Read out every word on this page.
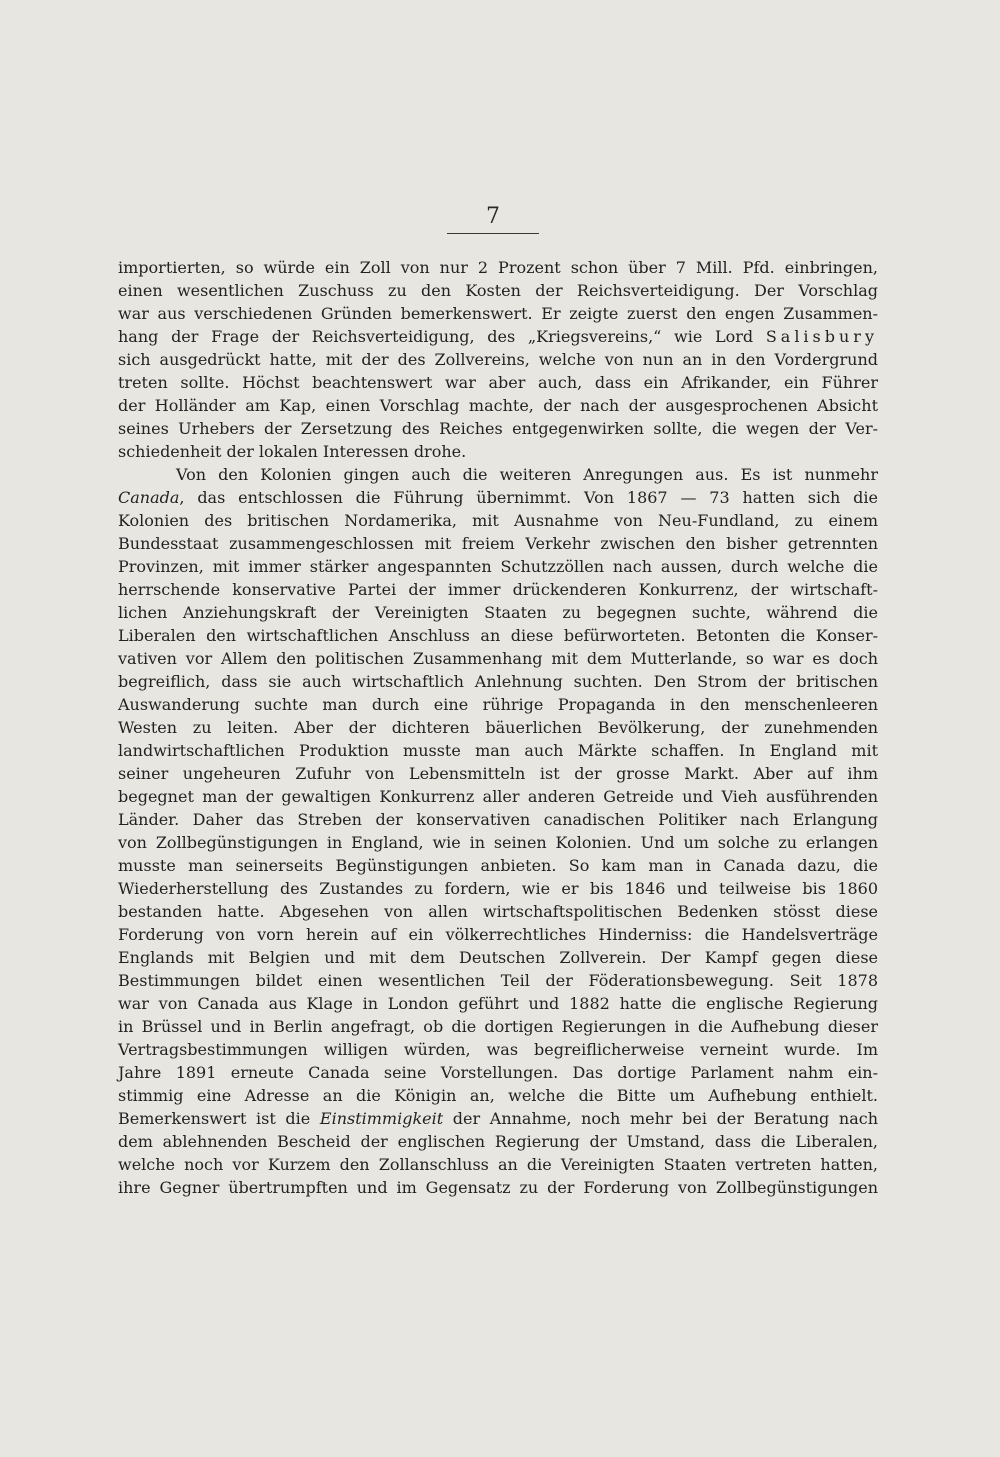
7
importierten, so würde ein Zoll von nur 2 Prozent schon über 7 Mill. Pfd. einbringen,
einen wesentlichen Zuschuss zu den Kosten der Reichsverteidigung. Der Vorschlag
war aus verschiedenen Gründen bemerkenswert. Er zeigte zuerst den engen Zusammen-
hang der Frage der Reichsverteidigung, des „Kriegsvereins,“ wie Lord Salisbury
sich ausgedrückt hatte, mit der des Zollvereins, welche von nun an in den Vordergrund
treten sollte. Höchst beachtenswert war aber auch, dass ein Afrikander, ein Führer
der Holländer am Kap, einen Vorschlag machte, der nach der ausgesprochenen Absicht
seines Urhebers der Zersetzung des Reiches entgegenwirken sollte, die wegen der Ver-
schiedenheit der lokalen Interessen drohe.
Von den Kolonien gingen auch die weiteren Anregungen aus. Es ist nunmehr
Canada, das entschlossen die Führung übernimmt. Von 1867 — 73 hatten sich die
Kolonien des britischen Nordamerika, mit Ausnahme von Neu-Fundland, zu einem
Bundesstaat zusammengeschlossen mit freiem Verkehr zwischen den bisher getrennten
Provinzen, mit immer stärker angespannten Schutzzöllen nach aussen, durch welche die
herrschende konservative Partei der immer drückenderen Konkurrenz, der wirtschaft-
lichen Anziehungskraft der Vereinigten Staaten zu begegnen suchte, während die
Liberalen den wirtschaftlichen Anschluss an diese befürworteten. Betonten die Konser-
vativen vor Allem den politischen Zusammenhang mit dem Mutterlande, so war es doch
begreiflich, dass sie auch wirtschaftlich Anlehnung suchten. Den Strom der britischen
Auswanderung suchte man durch eine rührige Propaganda in den menschenleeren
Westen zu leiten. Aber der dichteren bäuerlichen Bevölkerung, der zunehmenden
landwirtschaftlichen Produktion musste man auch Märkte schaffen. In England mit
seiner ungeheuren Zufuhr von Lebensmitteln ist der grosse Markt. Aber auf ihm
begegnet man der gewaltigen Konkurrenz aller anderen Getreide und Vieh ausführenden
Länder. Daher das Streben der konservativen canadischen Politiker nach Erlangung
von Zollbegünstigungen in England, wie in seinen Kolonien. Und um solche zu erlangen
musste man seinerseits Begünstigungen anbieten. So kam man in Canada dazu, die
Wiederherstellung des Zustandes zu fordern, wie er bis 1846 und teilweise bis 1860
bestanden hatte. Abgesehen von allen wirtschaftspolitischen Bedenken stösst diese
Forderung von vorn herein auf ein völkerrechtliches Hinderniss: die Handelsverträge
Englands mit Belgien und mit dem Deutschen Zollverein. Der Kampf gegen diese
Bestimmungen bildet einen wesentlichen Teil der Föderationsbewegung. Seit 1878
war von Canada aus Klage in London geführt und 1882 hatte die englische Regierung
in Brüssel und in Berlin angefragt, ob die dortigen Regierungen in die Aufhebung dieser
Vertragsbestimmungen willigen würden, was begreiflicherweise verneint wurde. Im
Jahre 1891 erneute Canada seine Vorstellungen. Das dortige Parlament nahm ein-
stimmig eine Adresse an die Königin an, welche die Bitte um Aufhebung enthielt.
Bemerkenswert ist die Einstimmigkeit der Annahme, noch mehr bei der Beratung nach
dem ablehnenden Bescheid der englischen Regierung der Umstand, dass die Liberalen,
welche noch vor Kurzem den Zollanschluss an die Vereinigten Staaten vertreten hatten,
ihre Gegner übertrumpften und im Gegensatz zu der Forderung von Zollbegünstigungen
